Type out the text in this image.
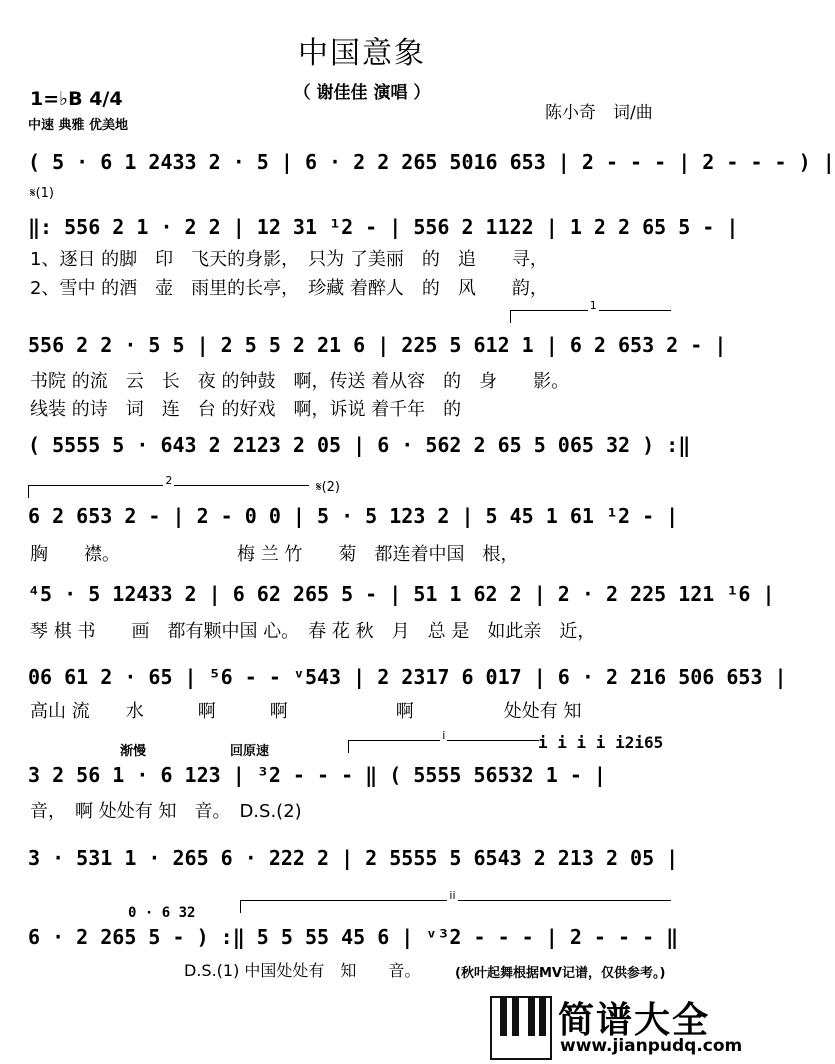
中国意象
（ 谢佳佳 演唱 ）
1=♭B 4/4
中速 典雅 优美地
陈小奇　词/曲
( 5 · 6 1 2433 2 · 5 | 6 · 2 2 265 5016 653 | 2 - - - | 2 - - - ) |
𝄋(1)
‖: 556 2 1 · 2 2 | 12 31 ¹2 - | 556 2 1122 | 1 2 2 65 5 - |
1、逐日 的脚　印　飞天的身影，　只为 了美丽　的　追　　寻，
2、雪中 的酒　壶　雨里的长亭，　珍藏 着醉人　的　风　　韵，
1
556 2 2 · 5 5 | 2 5 5 2 21 6 | 225 5 612 1 | 6 2 653 2 - |
书院 的流　云　长　夜 的钟鼓　啊，传送 着从容　的　身　　影。
线装 的诗　词　连　台 的好戏　啊，诉说 着千年　的
( 5555 5 · 643 2 2123 2 05 | 6 · 562 2 65 5 065 32 ) :‖
2	𝄋(2)
6 2 653 2 - | 2 - 0 0 | 5 · 5 123 2 | 5 45 1 61 ¹2 - |
胸　　襟。　　　　　　　梅 兰 竹　　菊　都连着中国　根，
⁴5 · 5 12433 2 | 6 62 265 5 - | 51 1 62 2 | 2 · 2 225 121 ¹6 |
琴 棋 书　　画　都有颗中国 心。　春 花 秋　月　总 是　如此亲　近，
06 61 2 · 65 | ⁵6 - - ᵛ543 | 2 2317 6 017 | 6 · 2 216 506 653 |
高山 流　　水　　　啊　　　啊　　　　　　啊　　　　　处处有 知
渐慢	回原速
i	i i i i i2i65
3 2 56 1 · 6 123 | ³2 - - - ‖ ( 5555 56532 1 - |
音，　啊 处处有 知　音。　D.S.(2)
3 · 531 1 · 265 6 · 222 2 | 2 5555 5 6543 2 213 2 05 |
ii
0 · 6 32
6 · 2 265 5 - ) :‖ 5 5 55 45 6 | ᵛ³2 - - - | 2 - - - ‖
D.S.(1) 中国处处有　知　　音。	(秋叶起舞根据MV记谱，仅供参考。)
简谱大全
www.jianpudq.com
